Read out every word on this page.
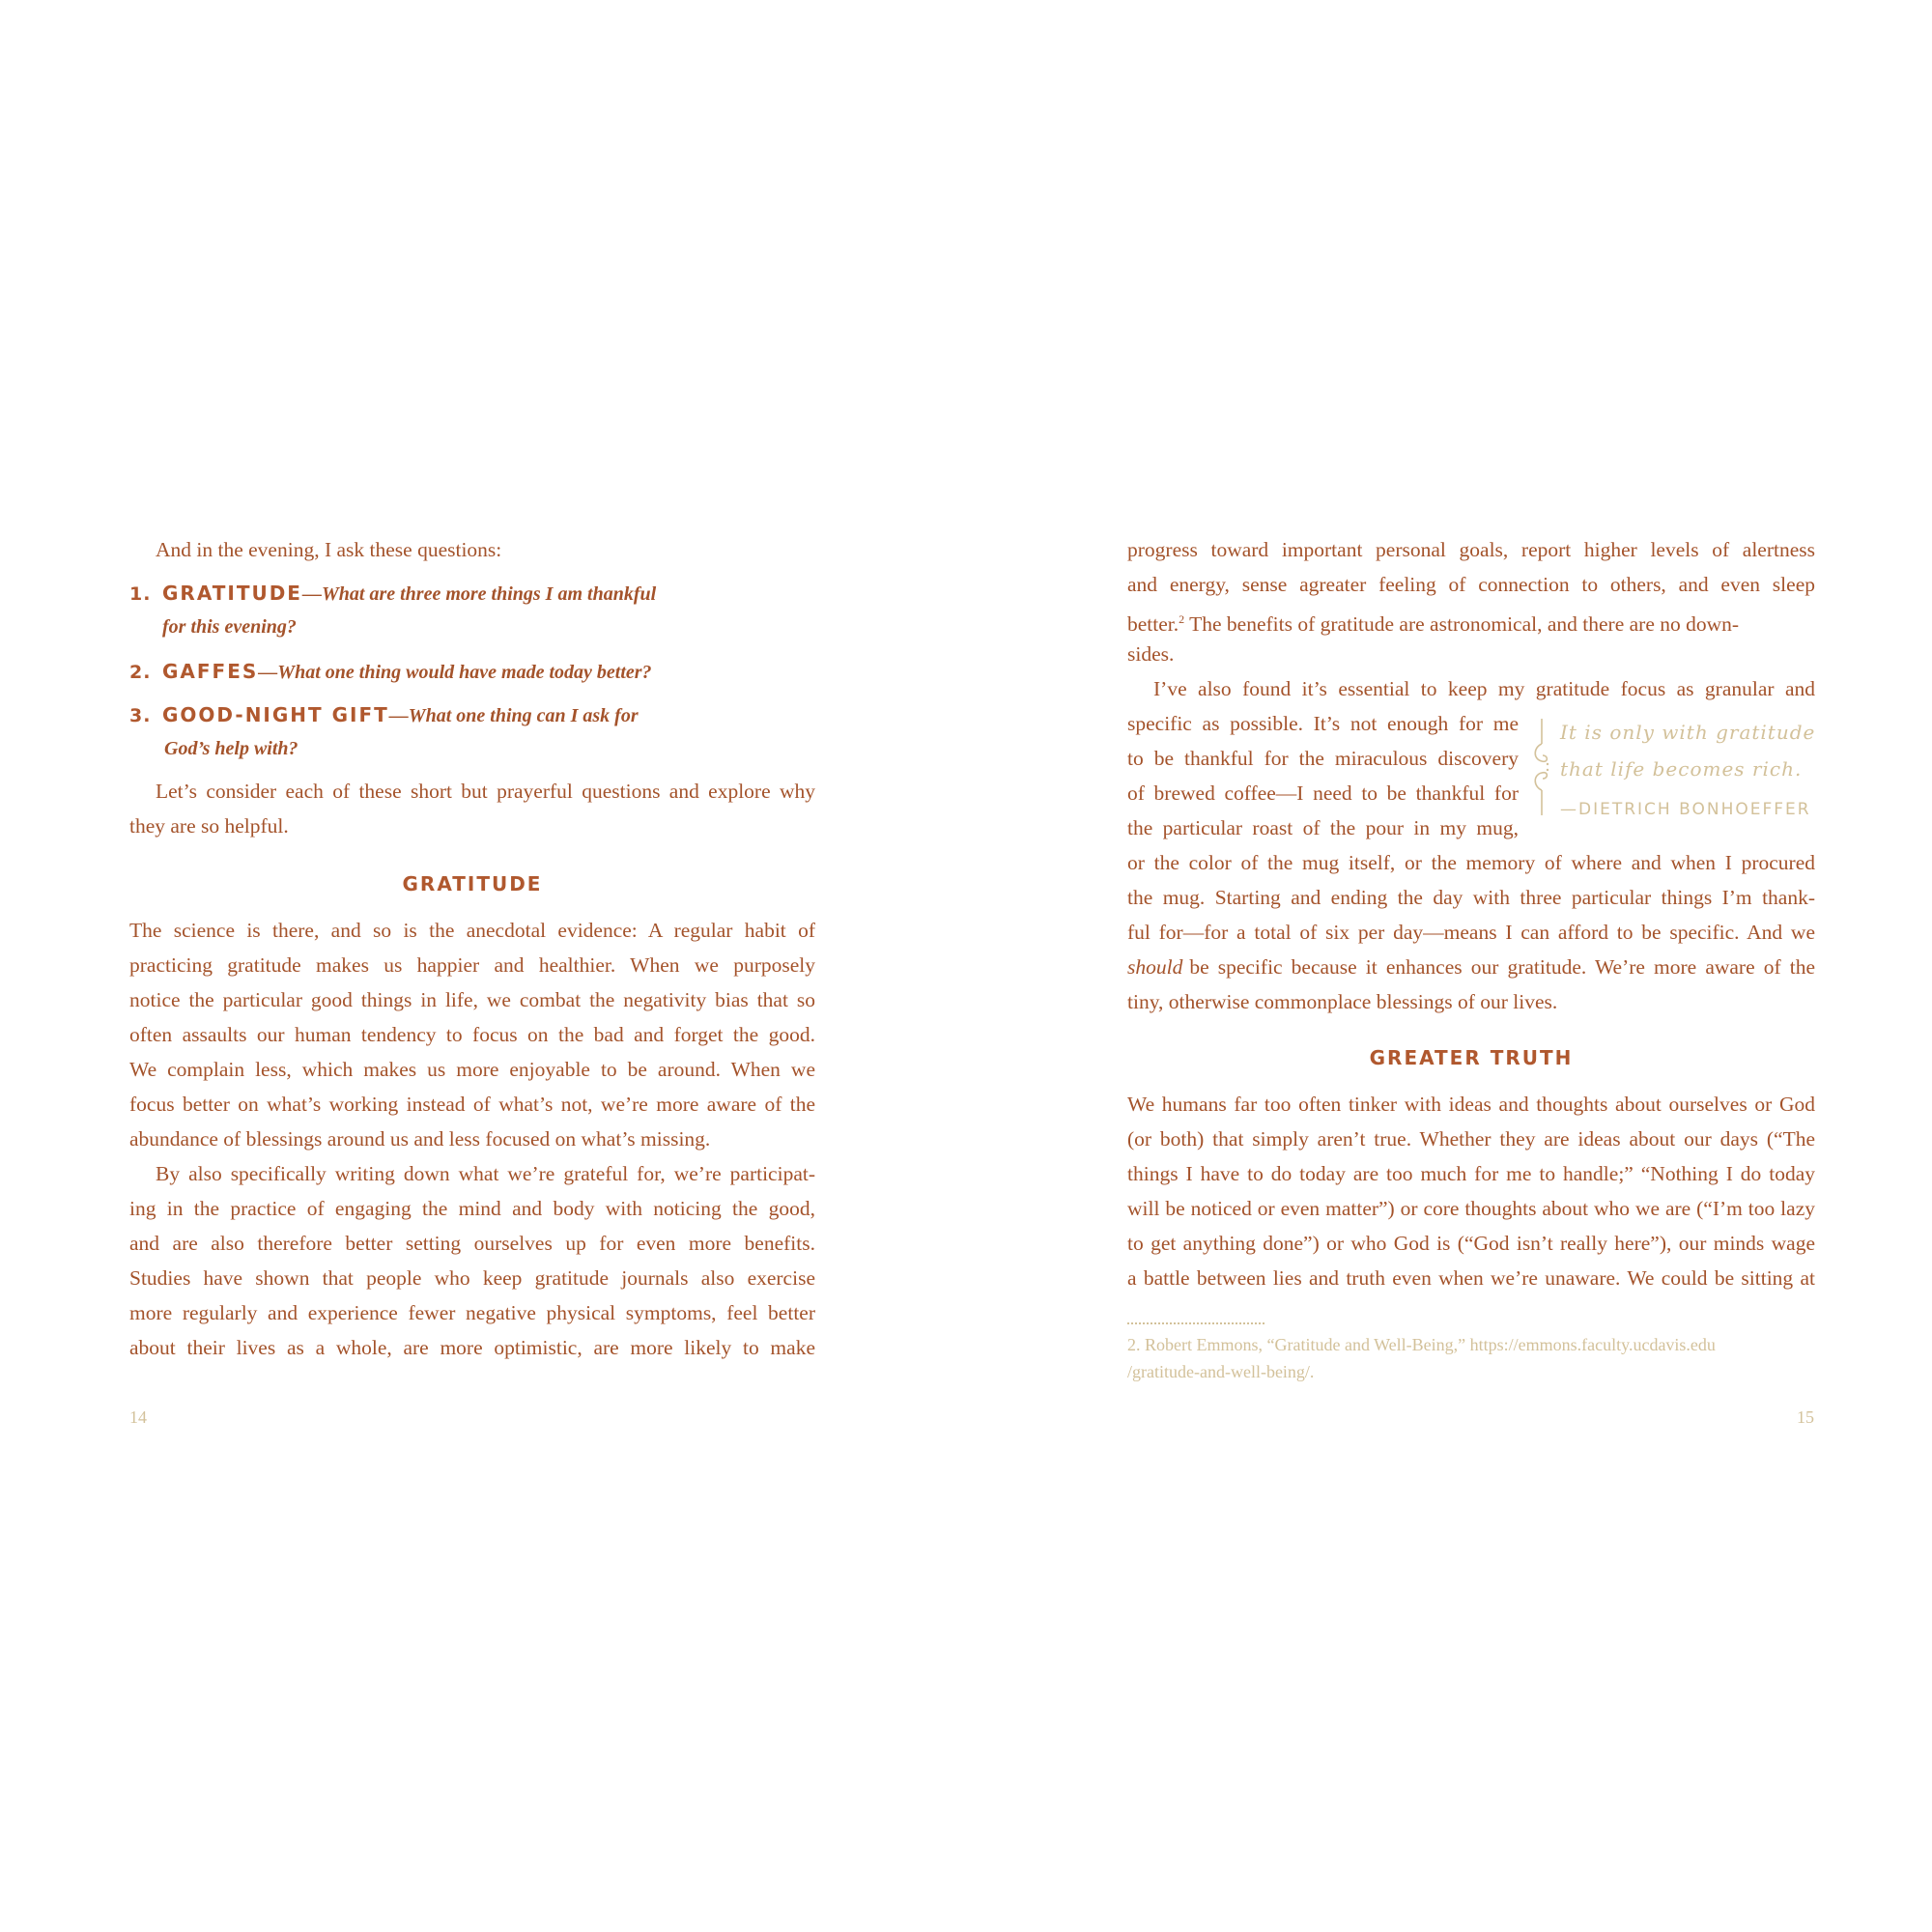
And in the evening, I ask these questions:
1. GRATITUDE—What are three more things I am thankful
for this evening?
2. GAFFES—What one thing would have made today better?
3. GOOD-NIGHT GIFT—What one thing can I ask for
God’s help with?
Let’s consider each of these short but prayerful questions and explore why
they are so helpful.
GRATITUDE
The science is there, and so is the anecdotal evidence: A regular habit of
practicing gratitude makes us happier and healthier. When we purposely
notice the particular good things in life, we combat the negativity bias that so
often assaults our human tendency to focus on the bad and forget the good.
We complain less, which makes us more enjoyable to be around. When we
focus better on what’s working instead of what’s not, we’re more aware of the
abundance of blessings around us and less focused on what’s missing.
By also specifically writing down what we’re grateful for, we’re participat-
ing in the practice of engaging the mind and body with noticing the good,
and are also therefore better setting ourselves up for even more benefits.
Studies have shown that people who keep gratitude journals also exercise
more regularly and experience fewer negative physical symptoms, feel better
about their lives as a whole, are more optimistic, are more likely to make
14
progress toward important personal goals, report higher levels of alertness
and energy, sense agreater feeling of connection to others, and even sleep
better.$^2$ The benefits of gratitude are astronomical, and there are no down-
sides.
I’ve also found it’s essential to keep my gratitude focus as granular and
specific as possible. It’s not enough for me
to be thankful for the miraculous discovery
of brewed coffee—I need to be thankful for
the particular roast of the pour in my mug,
It is only with gratitude
that life becomes rich.
—DIETRICH BONHOEFFER
or the color of the mug itself, or the memory of where and when I procured
the mug. Starting and ending the day with three particular things I’m thank-
ful for—for a total of six per day—means I can afford to be specific. And we
should be specific because it enhances our gratitude. We’re more aware of the
tiny, otherwise commonplace blessings of our lives.
GREATER TRUTH
We humans far too often tinker with ideas and thoughts about ourselves or God
(or both) that simply aren’t true. Whether they are ideas about our days (“The
things I have to do today are too much for me to handle;” “Nothing I do today
will be noticed or even matter”) or core thoughts about who we are (“I’m too lazy
to get anything done”) or who God is (“God isn’t really here”), our minds wage
a battle between lies and truth even when we’re unaware. We could be sitting at
2. Robert Emmons, “Gratitude and Well-Being,” https://emmons.faculty.ucdavis.edu
/gratitude-and-well-being/.
15
